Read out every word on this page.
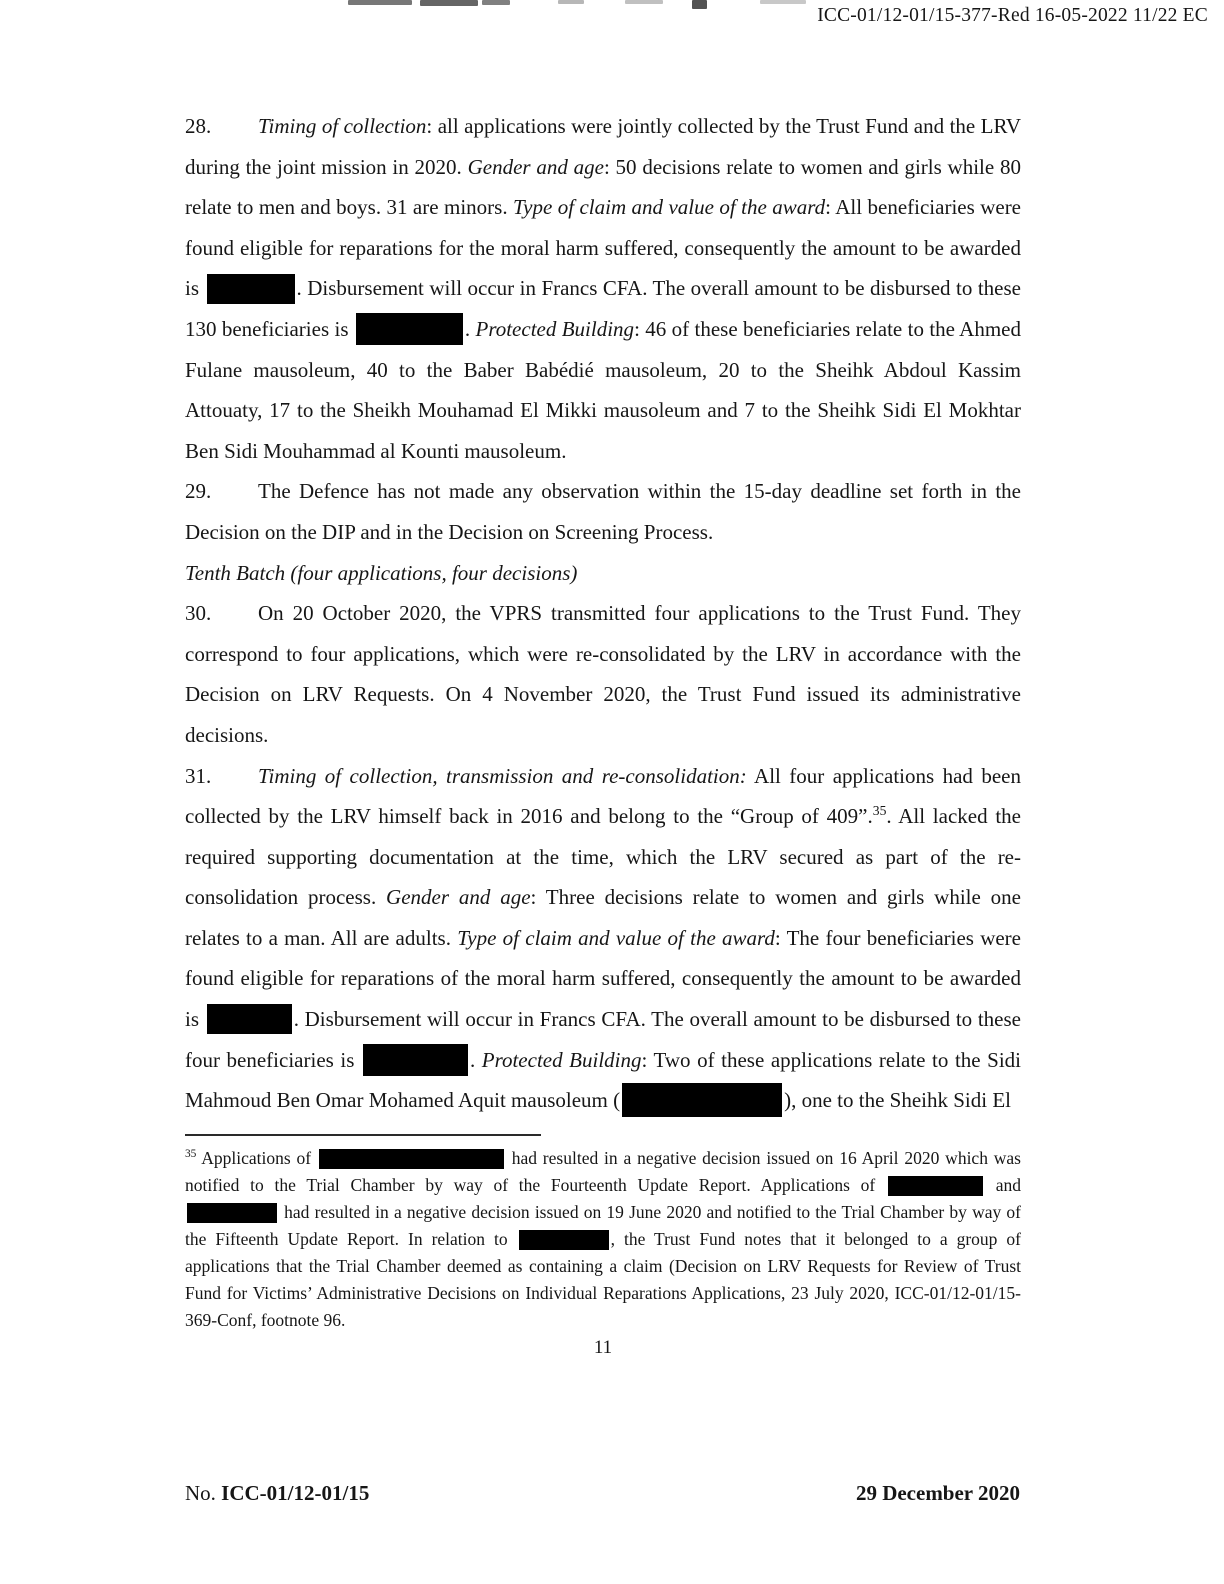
ICC-01/12-01/15-377-Red 16-05-2022 11/22 EC

28. Timing of collection: all applications were jointly collected by the Trust Fund and the LRV during the joint mission in 2020. Gender and age: 50 decisions relate to women and girls while 80 relate to men and boys. 31 are minors. Type of claim and value of the award: All beneficiaries were found eligible for reparations for the moral harm suffered, consequently the amount to be awarded is	. Disbursement will occur in Francs CFA. The overall amount to be disbursed to these 130 beneficiaries is	. Protected Building: 46 of these beneficiaries relate to the Ahmed Fulane mausoleum, 40 to the Baber Babédié mausoleum, 20 to the Sheihk Abdoul Kassim Attouaty, 17 to the Sheikh Mouhamad El Mikki mausoleum and 7 to the Sheihk Sidi El Mokhtar Ben Sidi Mouhammad al Kounti mausoleum.

29. The Defence has not made any observation within the 15-day deadline set forth in the Decision on the DIP and in the Decision on Screening Process.

Tenth Batch (four applications, four decisions)

30. On 20 October 2020, the VPRS transmitted four applications to the Trust Fund. They correspond to four applications, which were re-consolidated by the LRV in accordance with the Decision on LRV Requests. On 4 November 2020, the Trust Fund issued its administrative decisions.

31. Timing of collection, transmission and re-consolidation: All four applications had been collected by the LRV himself back in 2016 and belong to the “Group of 409”.$^{35}$. All lacked the required supporting documentation at the time, which the LRV secured as part of the re-consolidation process. Gender and age: Three decisions relate to women and girls while one relates to a man. All are adults. Type of claim and value of the award: The four beneficiaries were found eligible for reparations of the moral harm suffered, consequently the amount to be awarded is	. Disbursement will occur in Francs CFA. The overall amount to be disbursed to these four beneficiaries is	. Protected Building: Two of these applications relate to the Sidi Mahmoud Ben Omar Mohamed Aquit mausoleum (	), one to the Sheihk Sidi El

$^{35}$ Applications of	had resulted in a negative decision issued on 16 April 2020 which was notified to the Trial Chamber by way of the Fourteenth Update Report. Applications of	and  had resulted in a negative decision issued on 19 June 2020 and notified to the Trial Chamber by way of the Fifteenth Update Report. In relation to	, the Trust Fund notes that it belonged to a group of applications that the Trial Chamber deemed as containing a claim (Decision on LRV Requests for Review of Trust Fund for Victims’ Administrative Decisions on Individual Reparations Applications, 23 July 2020, ICC-01/12-01/15-369-Conf, footnote 96.

11
No. ICC-01/12-01/15	29 December 2020
